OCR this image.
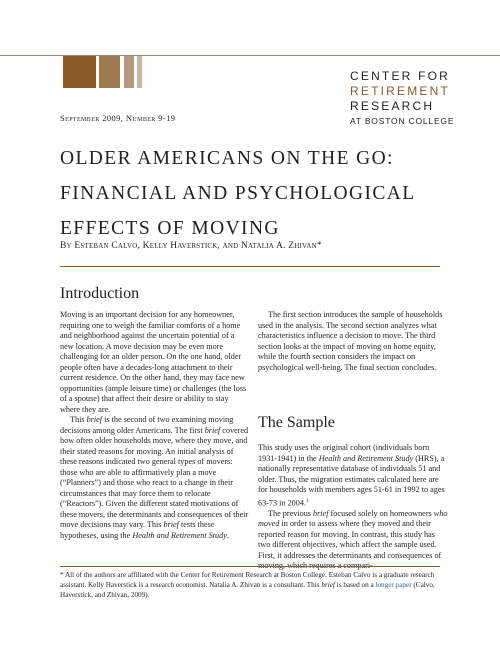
CENTER FOR
RETIREMENT
RESEARCH
AT BOSTON COLLEGE
September 2009, Number 9-19
OLDER AMERICANS ON THE GO:
FINANCIAL AND PSYCHOLOGICAL
EFFECTS OF MOVING
By Esteban Calvo, Kelly Haverstick, and Natalia A. Zhivan*
Introduction

Moving is an important decision for any homeowner, requiring one to weigh the familiar comforts of a home and neighborhood against the uncertain potential of a new location. A move decision may be even more challenging for an older person. On the one hand, older people often have a decades-long attachment to their current residence. On the other hand, they may face new opportunities (ample leisure time) or challenges (the loss of a spouse) that affect their desire or ability to stay where they are.

This brief is the second of two examining moving decisions among older Americans. The first brief covered how often older households move, where they move, and their stated reasons for moving. An initial analysis of these reasons indicated two general types of movers: those who are able to affirmatively plan a move (“Planners”) and those who react to a change in their circumstances that may force them to relocate (“Reactors”). Given the different stated motivations of these movers, the determinants and consequences of their move decisions may vary. This brief tests these hypotheses, using the Health and Retirement Study.

The first section introduces the sample of households used in the analysis. The second section analyzes what characteristics influence a decision to move. The third section looks at the impact of moving on home equity, while the fourth section considers the impact on psychological well-being. The final section concludes.

The Sample

This study uses the original cohort (individuals born 1931-1941) in the Health and Retirement Study (HRS), a nationally representative database of individuals 51 and older. Thus, the migration estimates calculated here are for households with members ages 51-61 in 1992 to ages 63-73 in 2004.$^1$

The previous brief focused solely on homeowners who moved in order to assess where they moved and their reported reason for moving. In contrast, this study has two different objectives, which affect the sample used. First, it addresses the determinants and consequences of

* All of the authors are affiliated with the Center for Retirement Research at Boston College. Esteban Calvo is a graduate research assistant. Kelly Haverstick is a research economist. Natalia A. Zhivan is a consultant. This brief is based on a longer paper (Calvo, Haverstick, and Zhivan, 2009).
